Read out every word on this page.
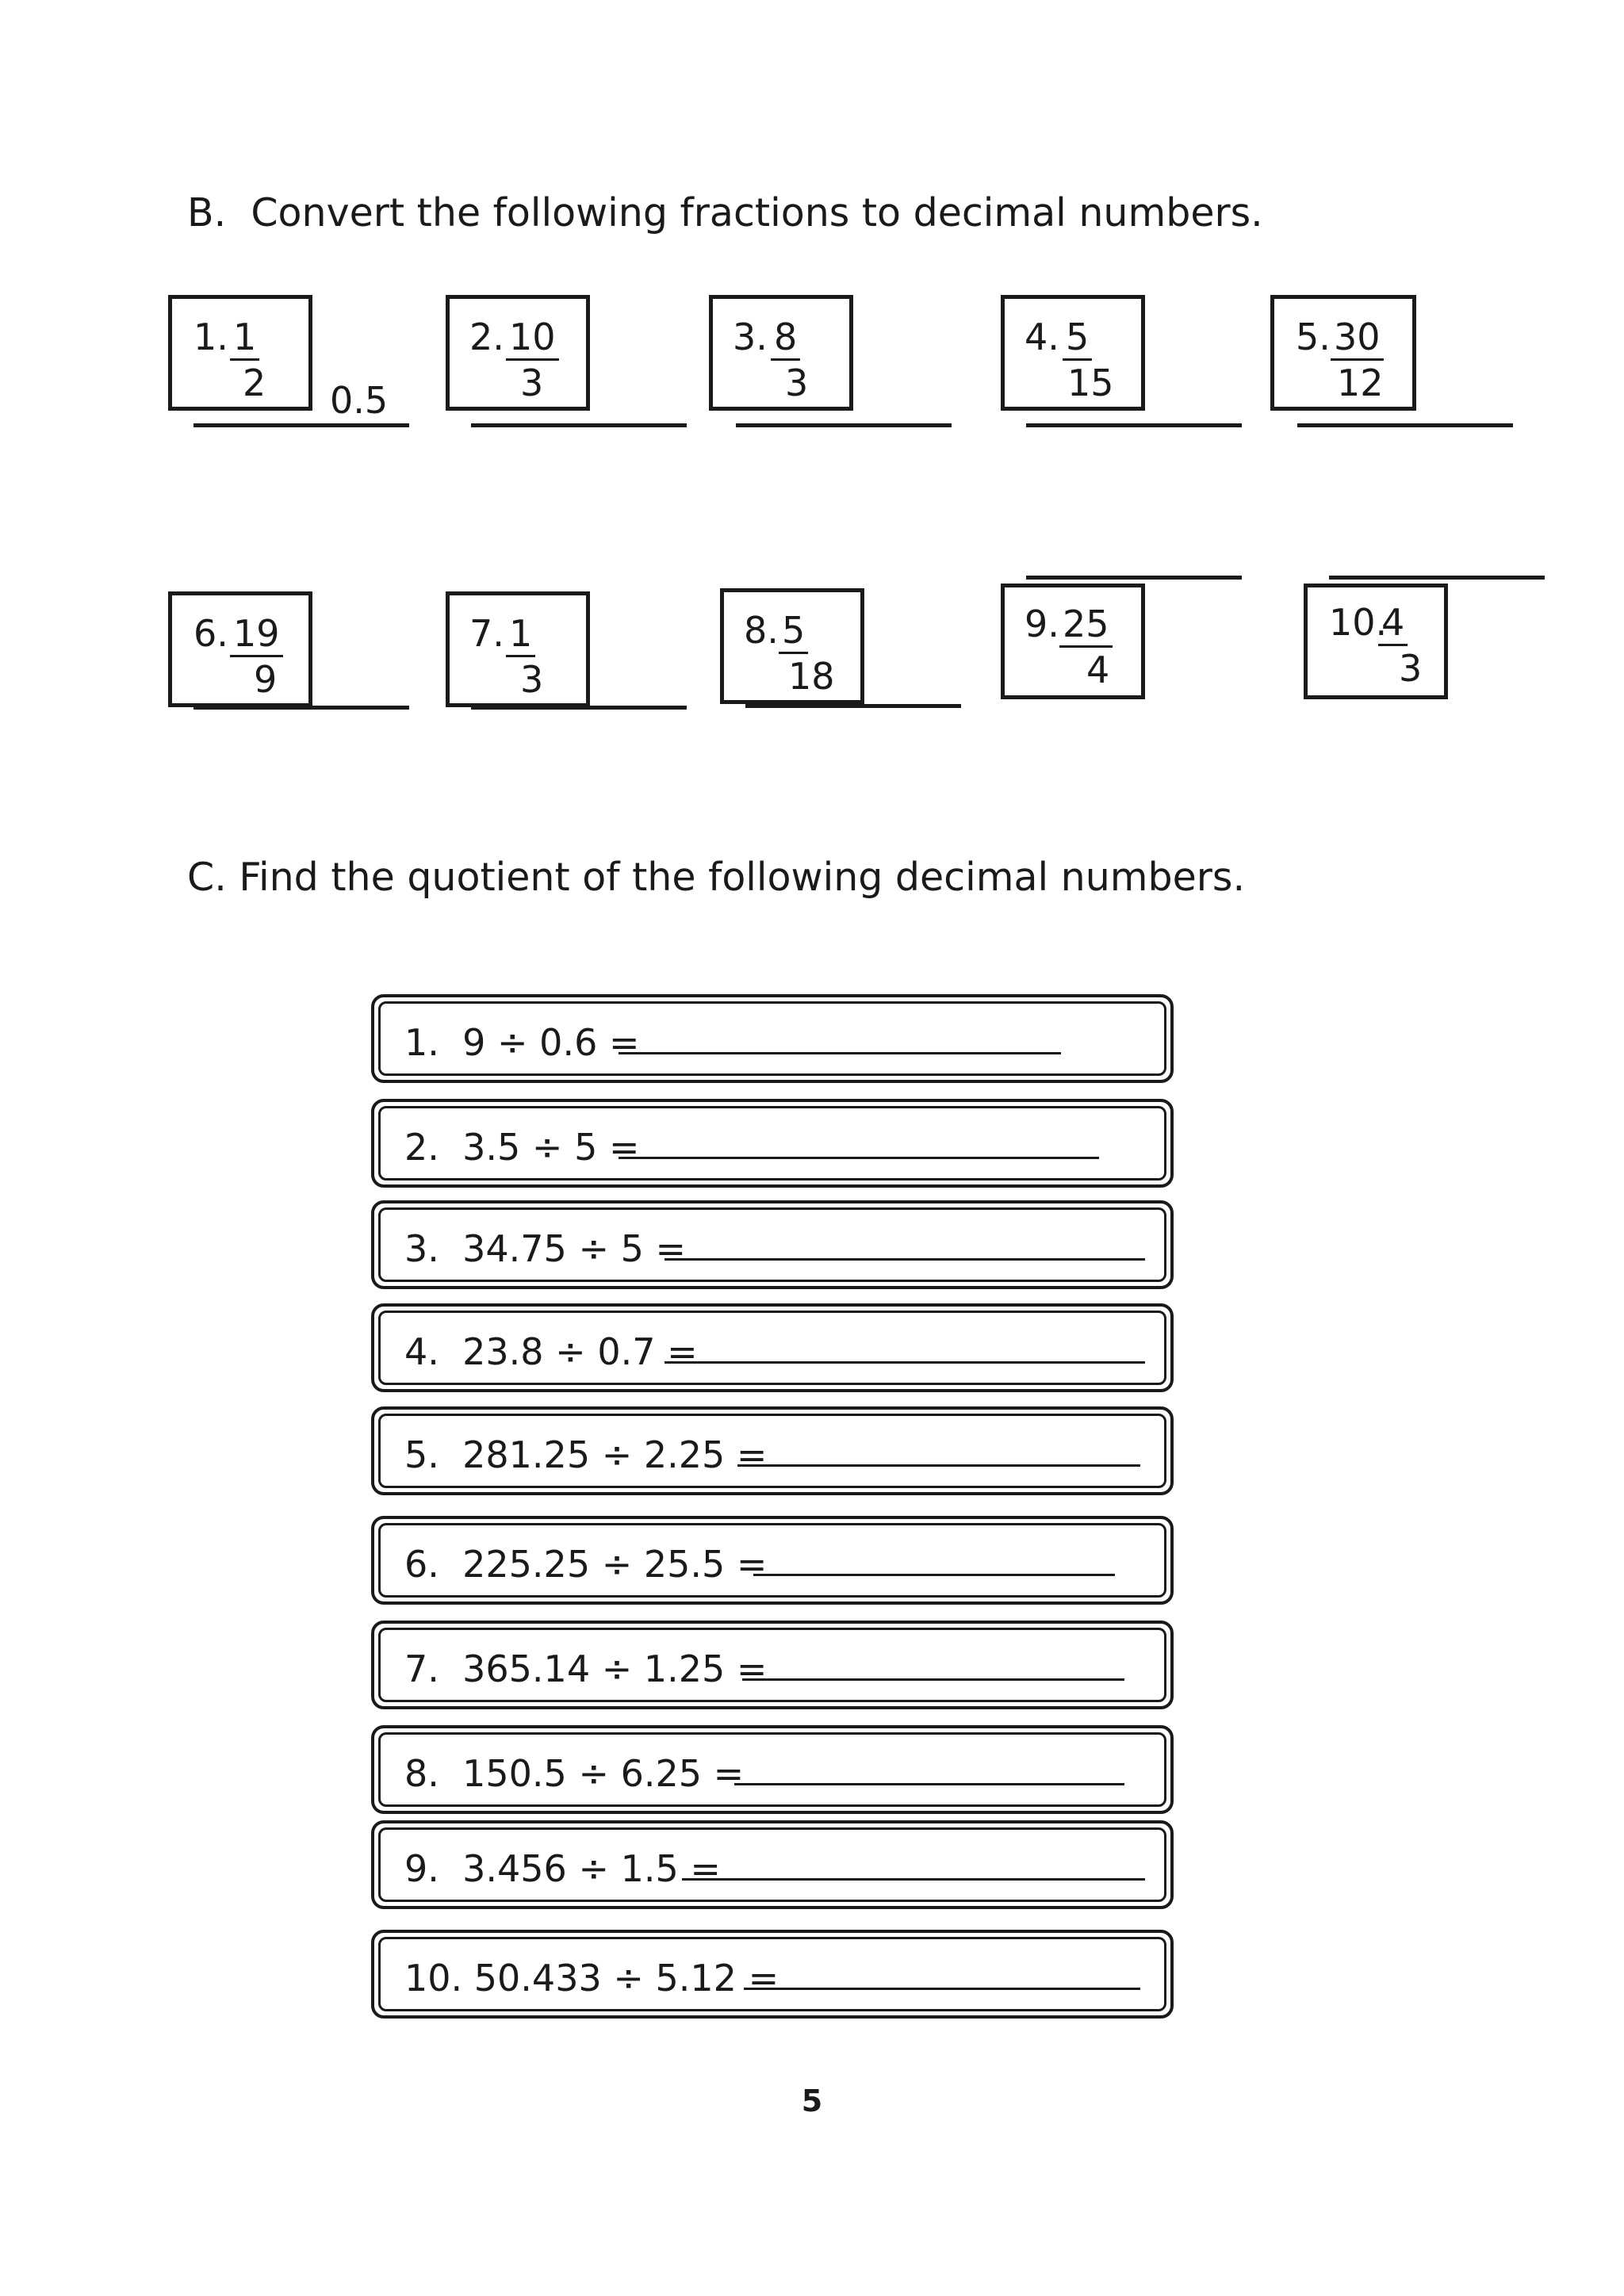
B.  Convert the following fractions to decimal numbers.
1. 1
2 0.5
2. 10
3
3. 8
3
4. 5
15
5. 30
12
6. 19
9
7. 1
3
8. 5
18
9. 25
4
10.
4
3
C. Find the quotient of the following decimal numbers.
1.  9 ÷ 0.6 =
2.  3.5 ÷ 5 =
3.  34.75 ÷ 5 =
4.  23.8 ÷ 0.7 =
5.  281.25 ÷ 2.25 =
6.  225.25 ÷ 25.5 =
7.  365.14 ÷ 1.25 =
8.  150.5 ÷ 6.25 =
9.  3.456 ÷ 1.5 =
10. 50.433 ÷ 5.12 =
5
